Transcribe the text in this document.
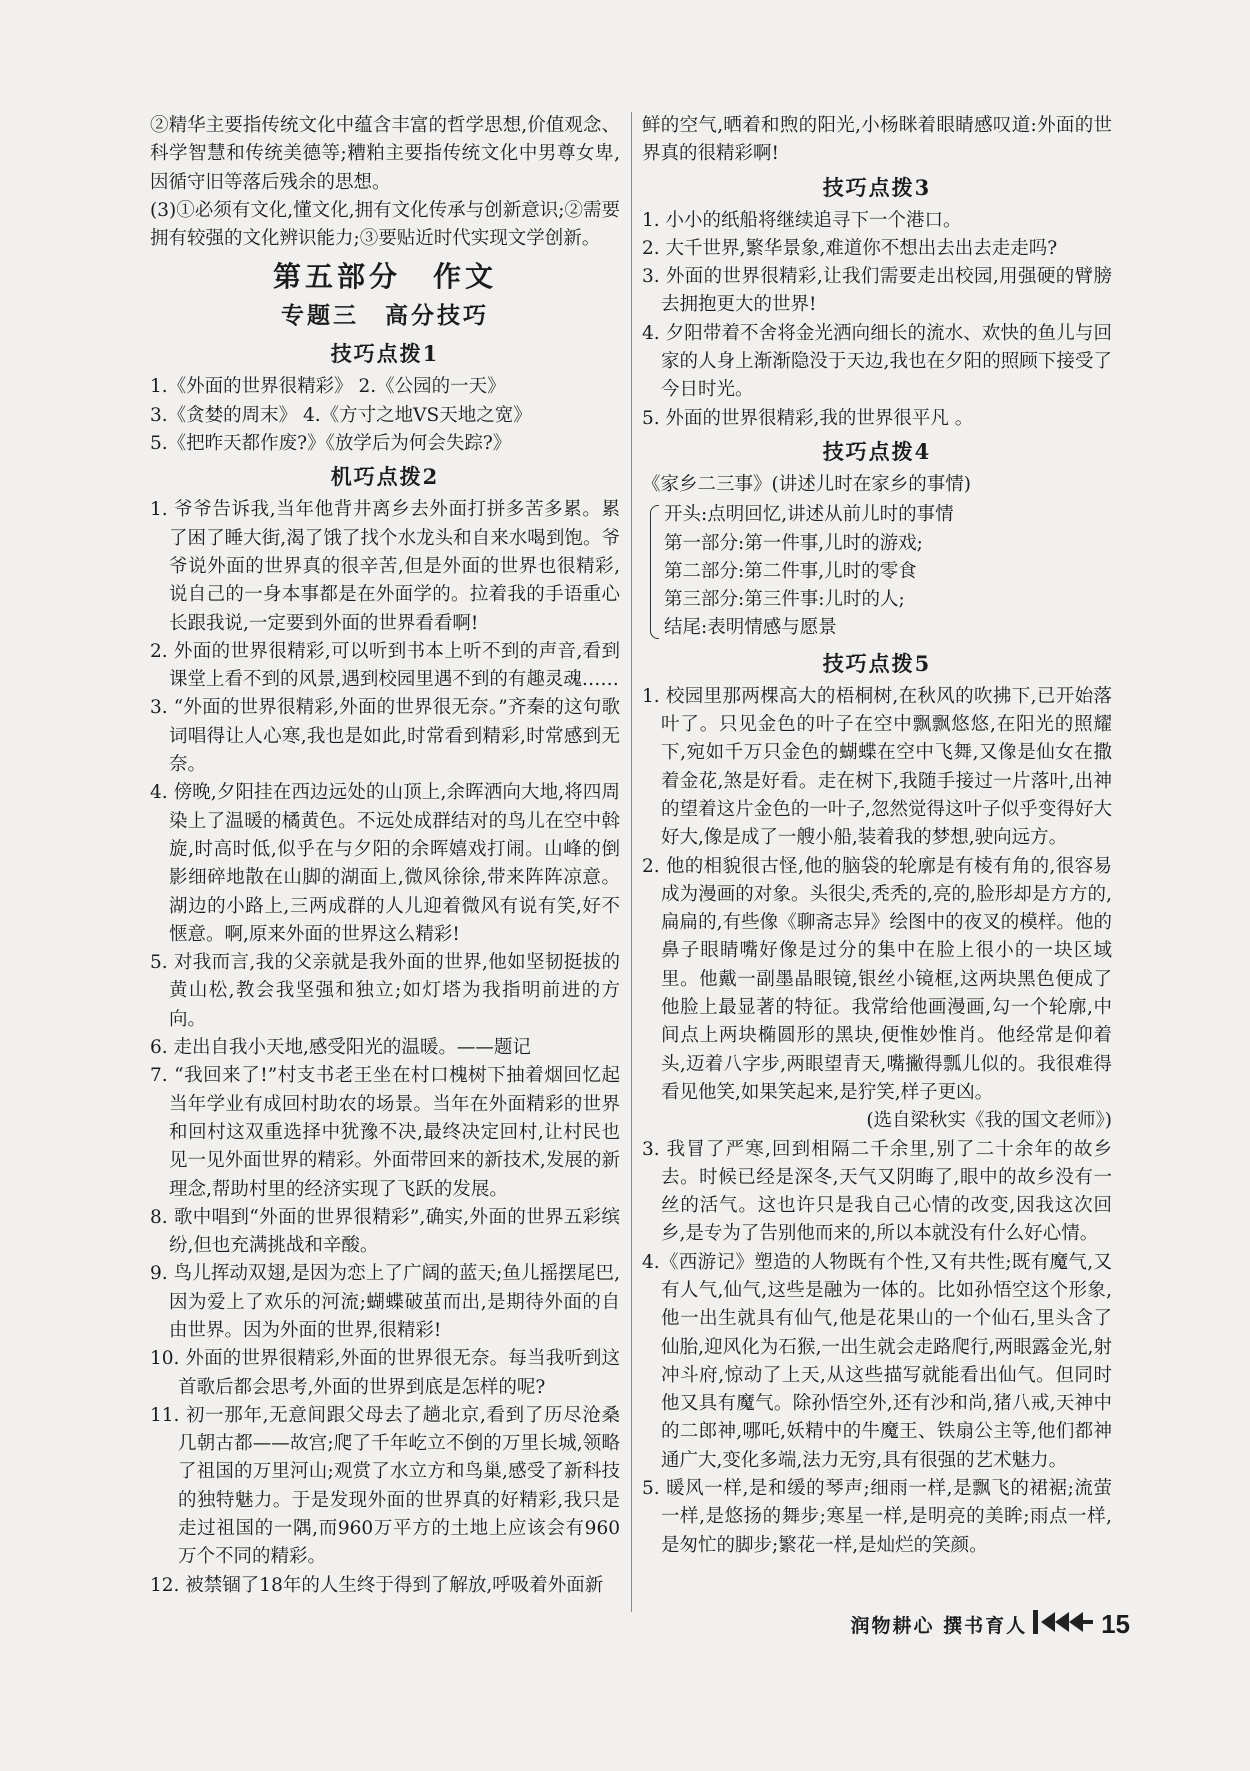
②精华主要指传统文化中蕴含丰富的哲学思想,价值观念、科学智慧和传统美德等;糟粕主要指传统文化中男尊女卑,因循守旧等落后残余的思想。

(3)①必须有文化,懂文化,拥有文化传承与创新意识;②需要拥有较强的文化辨识能力;③要贴近时代实现文学创新。

第五部分　作文
专题三　高分技巧
技巧点拨1

1.《外面的世界很精彩》 2.《公园的一天》

3.《贪婪的周末》 4.《方寸之地VS天地之宽》

5.《把昨天都作废?》《放学后为何会失踪?》

机巧点拨2

1. 爷爷告诉我,当年他背井离乡去外面打拼多苦多累。累了困了睡大街,渴了饿了找个水龙头和自来水喝到饱。爷爷说外面的世界真的很辛苦,但是外面的世界也很精彩,说自己的一身本事都是在外面学的。拉着我的手语重心长跟我说,一定要到外面的世界看看啊!

2. 外面的世界很精彩,可以听到书本上听不到的声音,看到课堂上看不到的风景,遇到校园里遇不到的有趣灵魂……

3. “外面的世界很精彩,外面的世界很无奈。”齐秦的这句歌词唱得让人心寒,我也是如此,时常看到精彩,时常感到无奈。

4. 傍晚,夕阳挂在西边远处的山顶上,余晖洒向大地,将四周染上了温暖的橘黄色。不远处成群结对的鸟儿在空中斡旋,时高时低,似乎在与夕阳的余晖嬉戏打闹。山峰的倒影细碎地散在山脚的湖面上,微风徐徐,带来阵阵凉意。湖边的小路上,三两成群的人儿迎着微风有说有笑,好不惬意。啊,原来外面的世界这么精彩!

5. 对我而言,我的父亲就是我外面的世界,他如坚韧挺拔的黄山松,教会我坚强和独立;如灯塔为我指明前进的方向。

6. 走出自我小天地,感受阳光的温暖。——题记

7. “我回来了!”村支书老王坐在村口槐树下抽着烟回忆起当年学业有成回村助农的场景。当年在外面精彩的世界和回村这双重选择中犹豫不决,最终决定回村,让村民也见一见外面世界的精彩。外面带回来的新技术,发展的新理念,帮助村里的经济实现了飞跃的发展。

8. 歌中唱到“外面的世界很精彩”,确实,外面的世界五彩缤纷,但也充满挑战和辛酸。

9. 鸟儿挥动双翅,是因为恋上了广阔的蓝天;鱼儿摇摆尾巴,因为爱上了欢乐的河流;蝴蝶破茧而出,是期待外面的自由世界。因为外面的世界,很精彩!

10. 外面的世界很精彩,外面的世界很无奈。每当我听到这首歌后都会思考,外面的世界到底是怎样的呢?

11. 初一那年,无意间跟父母去了趟北京,看到了历尽沧桑几朝古都——故宫;爬了千年屹立不倒的万里长城,领略了祖国的万里河山;观赏了水立方和鸟巢,感受了新科技的独特魅力。于是发现外面的世界真的好精彩,我只是走过祖国的一隅,而960万平方的土地上应该会有960万个不同的精彩。

12. 被禁锢了18年的人生终于得到了解放,呼吸着外面新

鲜的空气,晒着和煦的阳光,小杨眯着眼睛感叹道:外面的世界真的很精彩啊!

技巧点拨3

1. 小小的纸船将继续追寻下一个港口。

2. 大千世界,繁华景象,难道你不想出去出去走走吗?

3. 外面的世界很精彩,让我们需要走出校园,用强硬的臂膀去拥抱更大的世界!

4. 夕阳带着不舍将金光洒向细长的流水、欢快的鱼儿与回家的人身上渐渐隐没于天边,我也在夕阳的照顾下接受了今日时光。

5. 外面的世界很精彩,我的世界很平凡 。

技巧点拨4

《家乡二三事》(讲述儿时在家乡的事情)

开头:点明回忆,讲述从前儿时的事情
第一部分:第一件事,儿时的游戏;
第二部分:第二件事,儿时的零食
第三部分:第三件事:儿时的人;
结尾:表明情感与愿景
技巧点拨5

1. 校园里那两棵高大的梧桐树,在秋风的吹拂下,已开始落叶了。只见金色的叶子在空中飘飘悠悠,在阳光的照耀下,宛如千万只金色的蝴蝶在空中飞舞,又像是仙女在撒着金花,煞是好看。走在树下,我随手接过一片落叶,出神的望着这片金色的一叶子,忽然觉得这叶子似乎变得好大好大,像是成了一艘小船,装着我的梦想,驶向远方。

2. 他的相貌很古怪,他的脑袋的轮廓是有棱有角的,很容易成为漫画的对象。头很尖,秃秃的,亮的,脸形却是方方的,扁扁的,有些像《聊斋志异》绘图中的夜叉的模样。他的鼻子眼睛嘴好像是过分的集中在脸上很小的一块区域里。他戴一副墨晶眼镜,银丝小镜框,这两块黑色便成了他脸上最显著的特征。我常给他画漫画,勾一个轮廓,中间点上两块椭圆形的黑块,便惟妙惟肖。他经常是仰着头,迈着八字步,两眼望青天,嘴撇得瓢儿似的。我很难得看见他笑,如果笑起来,是狞笑,样子更凶。

(选自梁秋实《我的国文老师》)

3. 我冒了严寒,回到相隔二千余里,别了二十余年的故乡去。时候已经是深冬,天气又阴晦了,眼中的故乡没有一丝的活气。这也许只是我自己心情的改变,因我这次回乡,是专为了告别他而来的,所以本就没有什么好心情。

4.《西游记》塑造的人物既有个性,又有共性;既有魔气,又有人气,仙气,这些是融为一体的。比如孙悟空这个形象,他一出生就具有仙气,他是花果山的一个仙石,里头含了仙胎,迎风化为石猴,一出生就会走路爬行,两眼露金光,射冲斗府,惊动了上天,从这些描写就能看出仙气。但同时他又具有魔气。除孙悟空外,还有沙和尚,猪八戒,天神中的二郎神,哪吒,妖精中的牛魔王、铁扇公主等,他们都神通广大,变化多端,法力无穷,具有很强的艺术魅力。

5. 暖风一样,是和缓的琴声;细雨一样,是飘飞的裙裾;流萤一样,是悠扬的舞步;寒星一样,是明亮的美眸;雨点一样,是匆忙的脚步;繁花一样,是灿烂的笑颜。

润物耕心 撰书育人	15
